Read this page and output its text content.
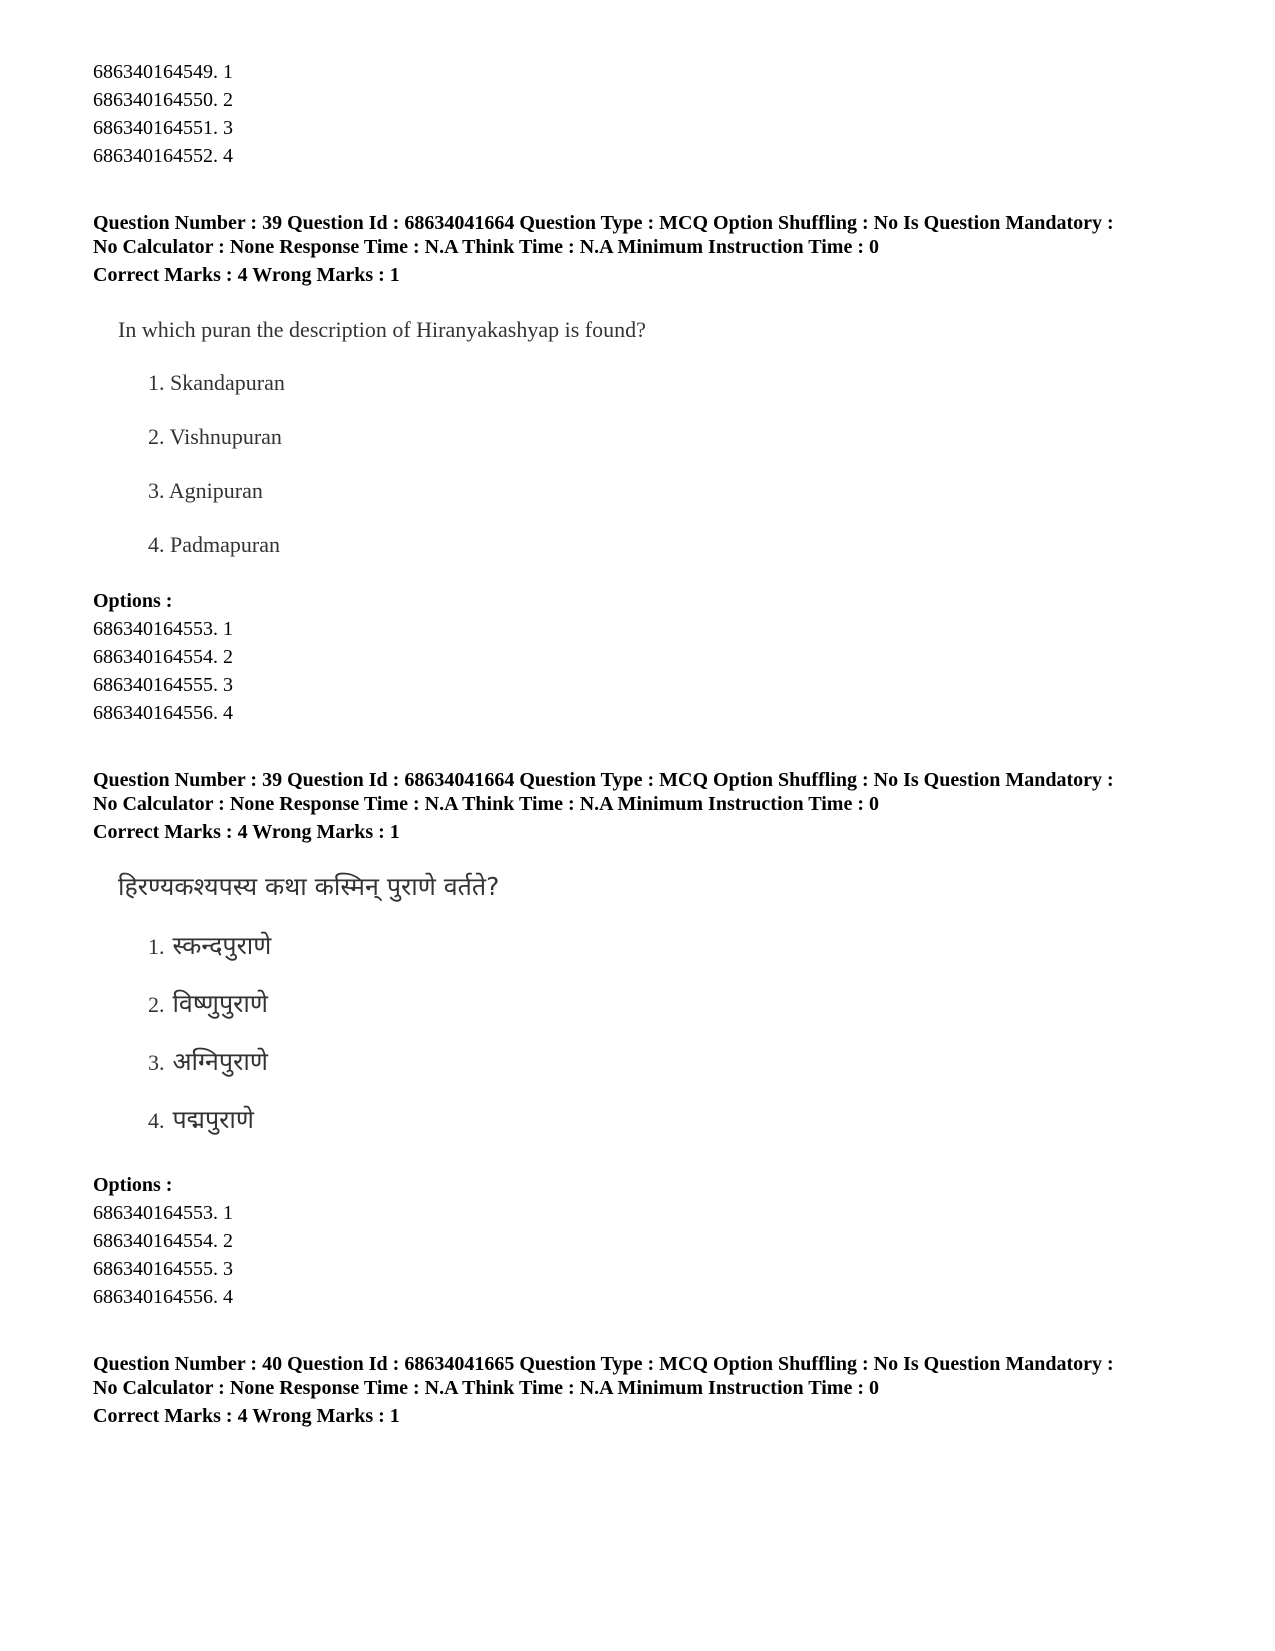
686340164549. 1
686340164550. 2
686340164551. 3
686340164552. 4
Question Number : 39 Question Id : 68634041664 Question Type : MCQ Option Shuffling : No Is Question Mandatory :
No Calculator : None Response Time : N.A Think Time : N.A Minimum Instruction Time : 0
Correct Marks : 4 Wrong Marks : 1
In which puran the description of Hiranyakashyap is found?
1. Skandapuran
2. Vishnupuran
3. Agnipuran
4. Padmapuran
Options :
686340164553. 1
686340164554. 2
686340164555. 3
686340164556. 4
Question Number : 39 Question Id : 68634041664 Question Type : MCQ Option Shuffling : No Is Question Mandatory :
No Calculator : None Response Time : N.A Think Time : N.A Minimum Instruction Time : 0
Correct Marks : 4 Wrong Marks : 1
हिरण्यकश्यपस्य कथा कस्मिन् पुराणे वर्तते?
1. स्कन्दपुराणे
2. विष्णुपुराणे
3. अग्निपुराणे
4. पद्मपुराणे
Options :
686340164553. 1
686340164554. 2
686340164555. 3
686340164556. 4
Question Number : 40 Question Id : 68634041665 Question Type : MCQ Option Shuffling : No Is Question Mandatory :
No Calculator : None Response Time : N.A Think Time : N.A Minimum Instruction Time : 0
Correct Marks : 4 Wrong Marks : 1
